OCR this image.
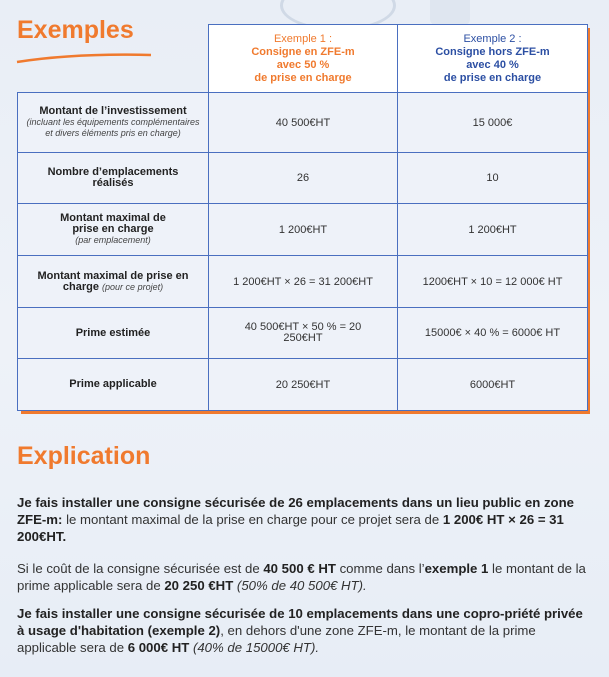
Exemples
		Exemple 1 :
Consigne en ZFE-m
avec 50 %
de prise en charge	Exemple 2 :
Consigne hors ZFE-m
avec 40 %
de prise en charge
Montant de l’investissement
(incluant les équipements complémentaires et divers éléments pris en charge)	40 500€HT	15 000€

Nombre d’emplacements réalisés	26	10

Montant maximal de prise en charge
(par emplacement)	1 200€HT	1 200€HT
Montant maximal de prise en charge (pour ce projet)	1 200€HT × 26 = 31 200€HT	1200€HT × 10 = 12 000€ HT
Prime estimée	40 500€HT × 50 % = 20 250€HT	15000€ × 40 % = 6000€ HT
Prime applicable	20 250€HT	6000€HT
Explication

Je fais installer une consigne sécurisée de 26 emplacements dans un lieu public en zone ZFE-m: le montant maximal de la prise en charge pour ce projet sera de 1 200€ HT × 26 = 31 200€HT.

Si le coût de la consigne sécurisée est de 40 500 € HT comme dans l’exemple 1 le montant de la prime applicable sera de 20 250 €HT (50% de 40 500€ HT).

Je fais installer une consigne sécurisée de 10 emplacements dans une copro-priété privée à usage d'habitation (exemple 2), en dehors d'une zone ZFE-m, le montant de la prime applicable sera de 6 000€ HT (40% de 15000€ HT).
